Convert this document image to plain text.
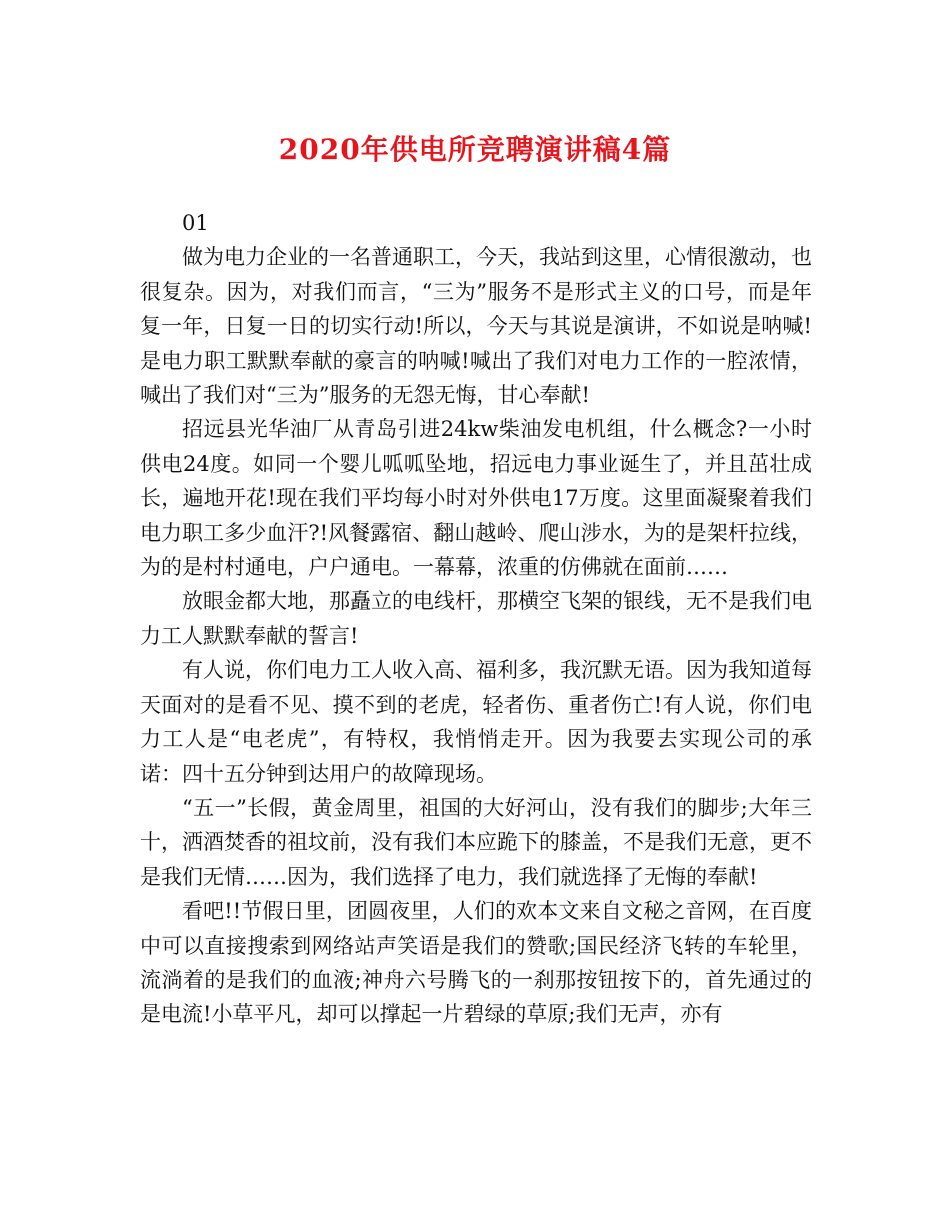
2020年供电所竞聘演讲稿4篇

01

做为电力企业的一名普通职工，今天，我站到这里，心情很激动，也很复杂。因为，对我们而言，“三为”服务不是形式主义的口号，而是年复一年，日复一日的切实行动!所以，今天与其说是演讲，不如说是呐喊!是电力职工默默奉献的豪言的呐喊!喊出了我们对电力工作的一腔浓情，喊出了我们对“三为”服务的无怨无悔，甘心奉献!

招远县光华油厂从青岛引进24kw柴油发电机组，什么概念?一小时供电24度。如同一个婴儿呱呱坠地，招远电力事业诞生了，并且茁壮成长，遍地开花!现在我们平均每小时对外供电17万度。这里面凝聚着我们电力职工多少血汗?!风餐露宿、翻山越岭、爬山涉水，为的是架杆拉线， 为的是村村通电，户户通电。一幕幕，浓重的仿佛就在面前……

放眼金都大地，那矗立的电线杆，那横空飞架的银线，无不是我们电力工人默默奉献的誓言!

有人说，你们电力工人收入高、福利多，我沉默无语。因为我知道每天面对的是看不见、摸不到的老虎，轻者伤、重者伤亡!有人说，你们电力工人是“电老虎”，有特权，我悄悄走开。因为我要去实现公司的承诺：四十五分钟到达用户的故障现场。

“五一”长假，黄金周里，祖国的大好河山，没有我们的脚步;大年三十，洒酒焚香的祖坟前，没有我们本应跪下的膝盖，不是我们无意，更不是我们无情……因为，我们选择了电力，我们就选择了无悔的奉献!

看吧!!节假日里，团圆夜里，人们的欢本文来自文秘之音网，在百度中可以直接搜索到网络站声笑语是我们的赞歌;国民经济飞转的车轮里，流淌着的是我们的血液;神舟六号腾飞的一刹那按钮按下的，首先通过的是电流!小草平凡，却可以撑起一片碧绿的草原;我们无声，亦有
